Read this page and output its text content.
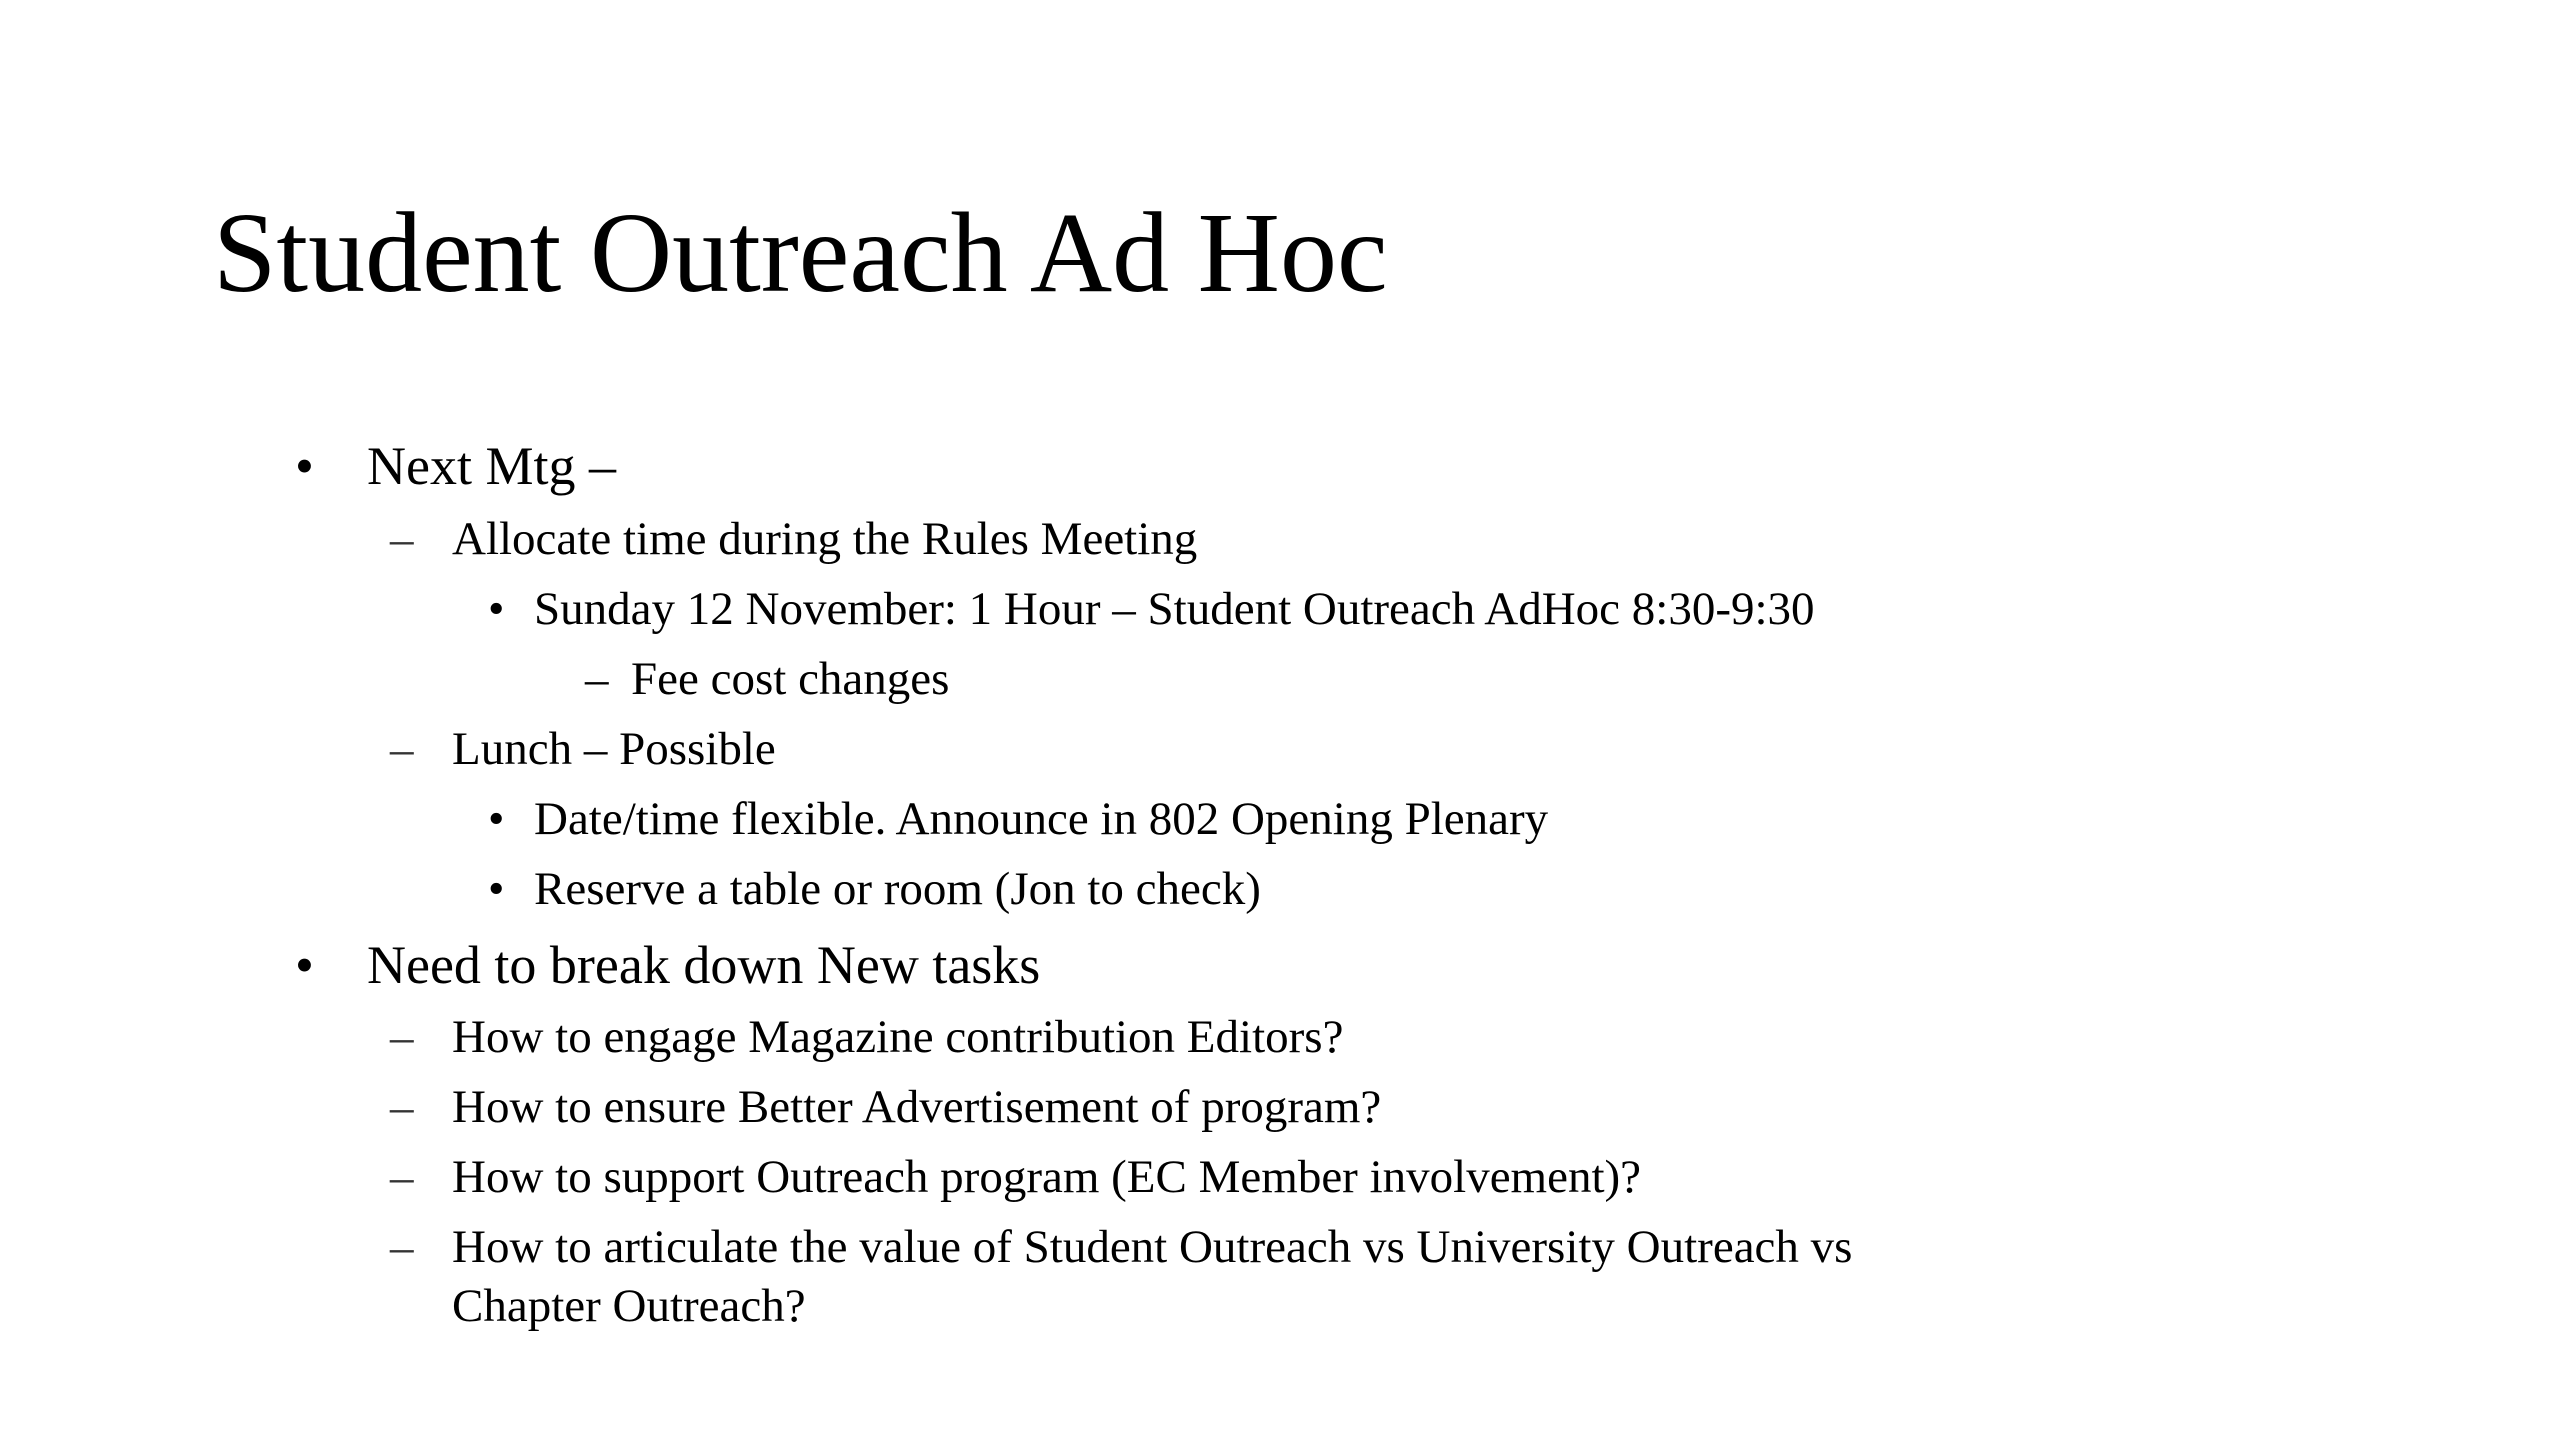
Student Outreach Ad Hoc
• Next Mtg –
– Allocate time during the Rules Meeting
• Sunday 12 November: 1 Hour – Student Outreach AdHoc 8:30-9:30
– Fee cost changes
– Lunch – Possible
• Date/time flexible. Announce in 802 Opening Plenary
• Reserve a table or room (Jon to check)
• Need to break down New tasks
– How to engage Magazine contribution Editors?
– How to ensure Better Advertisement of program?
– How to support Outreach program (EC Member involvement)?
– How to articulate the value of Student Outreach vs University Outreach vs
Chapter Outreach?
